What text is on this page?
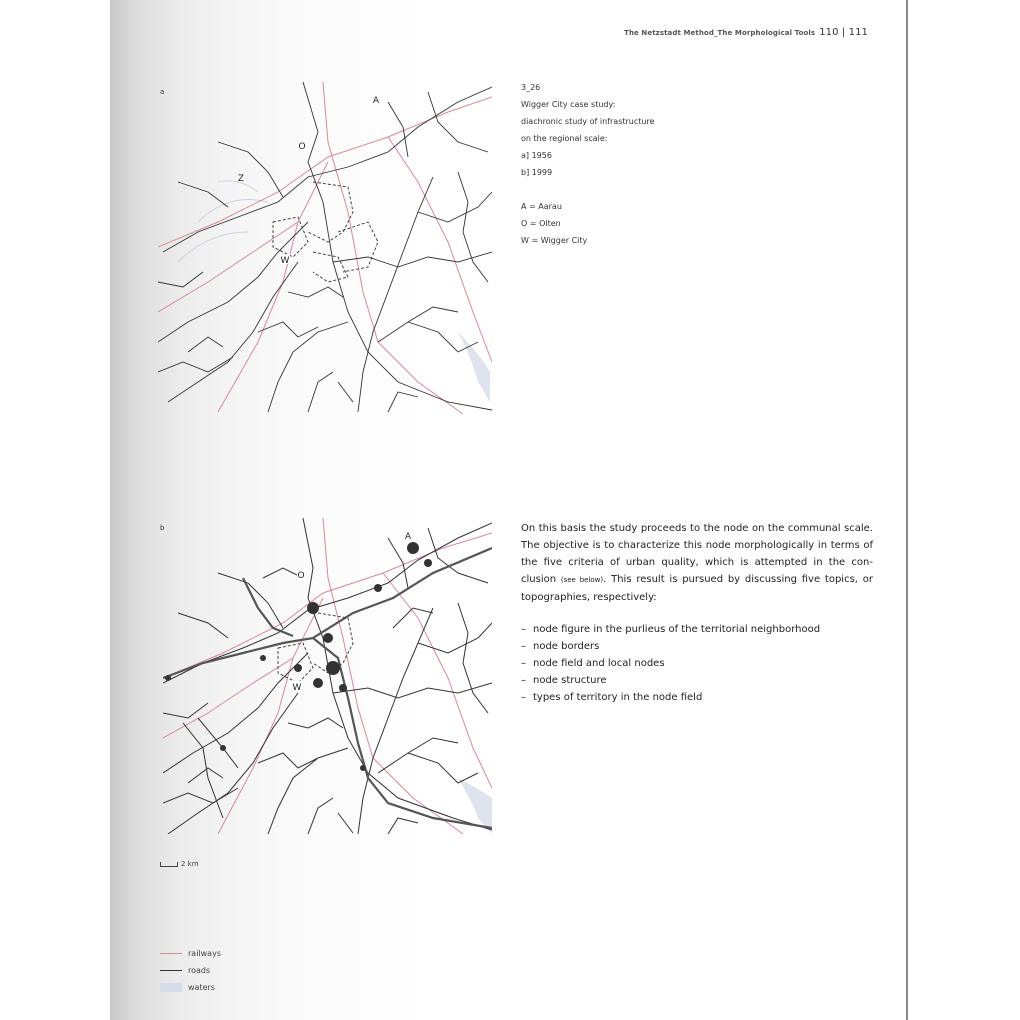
The Netzstadt Method_The Morphological Tools 110 | 111
a
A
O
Z
W
3_26
Wigger City case study:
diachronic study of infrastructure
on the regional scale:
a] 1956
b] 1999
A = Aarau
O = Olten
W = Wigger City
b
A
O
W
On this basis the study proceeds to the node on the communal scale. The objective is to characterize this node morphologically in terms of the five criteria of urban quality, which is attempted in the con-clusion (see below). This result is pursued by discussing five topics, or topographies, respectively:
– node figure in the purlieus of the territorial neighborhood
– node borders
– node field and local nodes
– node structure
– types of territory in the node field
2 km
railways
roads
waters
